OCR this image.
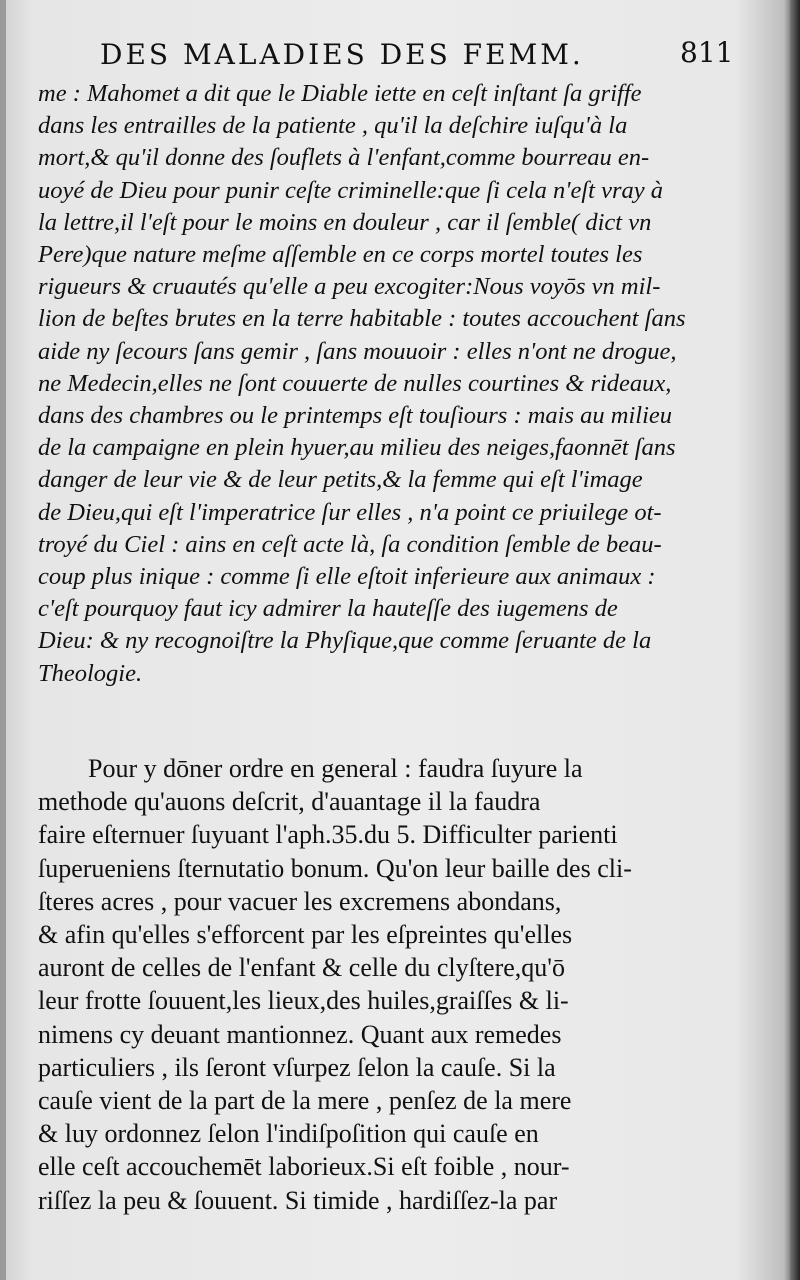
DES MALADIES DES FEMM.	811
me : Mahomet a dit que le Diable iette en ceſt inſtant ſa griffe
dans les entrailles de la patiente , qu'il la deſchire iuſqu'à la
mort,& qu'il donne des ſouflets à l'enfant,comme bourreau en-
uoyé de Dieu pour punir ceſte criminelle:que ſi cela n'eſt vray à
la lettre,il l'eſt pour le moins en douleur , car il ſemble( dict vn
Pere)que nature meſme aſſemble en ce corps mortel toutes les
rigueurs & cruautés qu'elle a peu excogiter:Nous voyōs vn mil-
lion de beſtes brutes en la terre habitable : toutes accouchent ſans
aide ny ſecours ſans gemir , ſans mouuoir : elles n'ont ne drogue,
ne Medecin,elles ne ſont couuerte de nulles courtines & rideaux,
dans des chambres ou le printemps eſt touſiours : mais au milieu
de la campaigne en plein hyuer,au milieu des neiges,faonnēt ſans
danger de leur vie & de leur petits,& la femme qui eſt l'image
de Dieu,qui eſt l'imperatrice ſur elles , n'a point ce priuilege ot-
troyé du Ciel : ains en ceſt acte là, ſa condition ſemble de beau-
coup plus inique : comme ſi elle eſtoit inferieure aux animaux :
c'eſt pourquoy faut icy admirer la hauteſſe des iugemens de
Dieu: & ny recognoiſtre la Phyſique,que comme ſeruante de la
Theologie.
Pour y dōner ordre en general : faudra ſuyure la
methode qu'auons deſcrit, d'auantage il la faudra
faire eſternuer ſuyuant l'aph.35.du 5. Difficulter parienti
ſuperueniens ſternutatio bonum. Qu'on leur baille des cli-
ſteres acres , pour vacuer les excremens abondans,
& afin qu'elles s'efforcent par les eſpreintes qu'elles
auront de celles de l'enfant & celle du clyſtere,qu'ō
leur frotte ſouuent,les lieux,des huiles,graiſſes & li-
nimens cy deuant mantionnez. Quant aux remedes
particuliers , ils ſeront vſurpez ſelon la cauſe. Si la
cauſe vient de la part de la mere , penſez de la mere
& luy ordonnez ſelon l'indiſpoſition qui cauſe en
elle ceſt accouchemēt laborieux.Si eſt foible , nour-
riſſez la peu & ſouuent. Si timide , hardiſſez-la par
